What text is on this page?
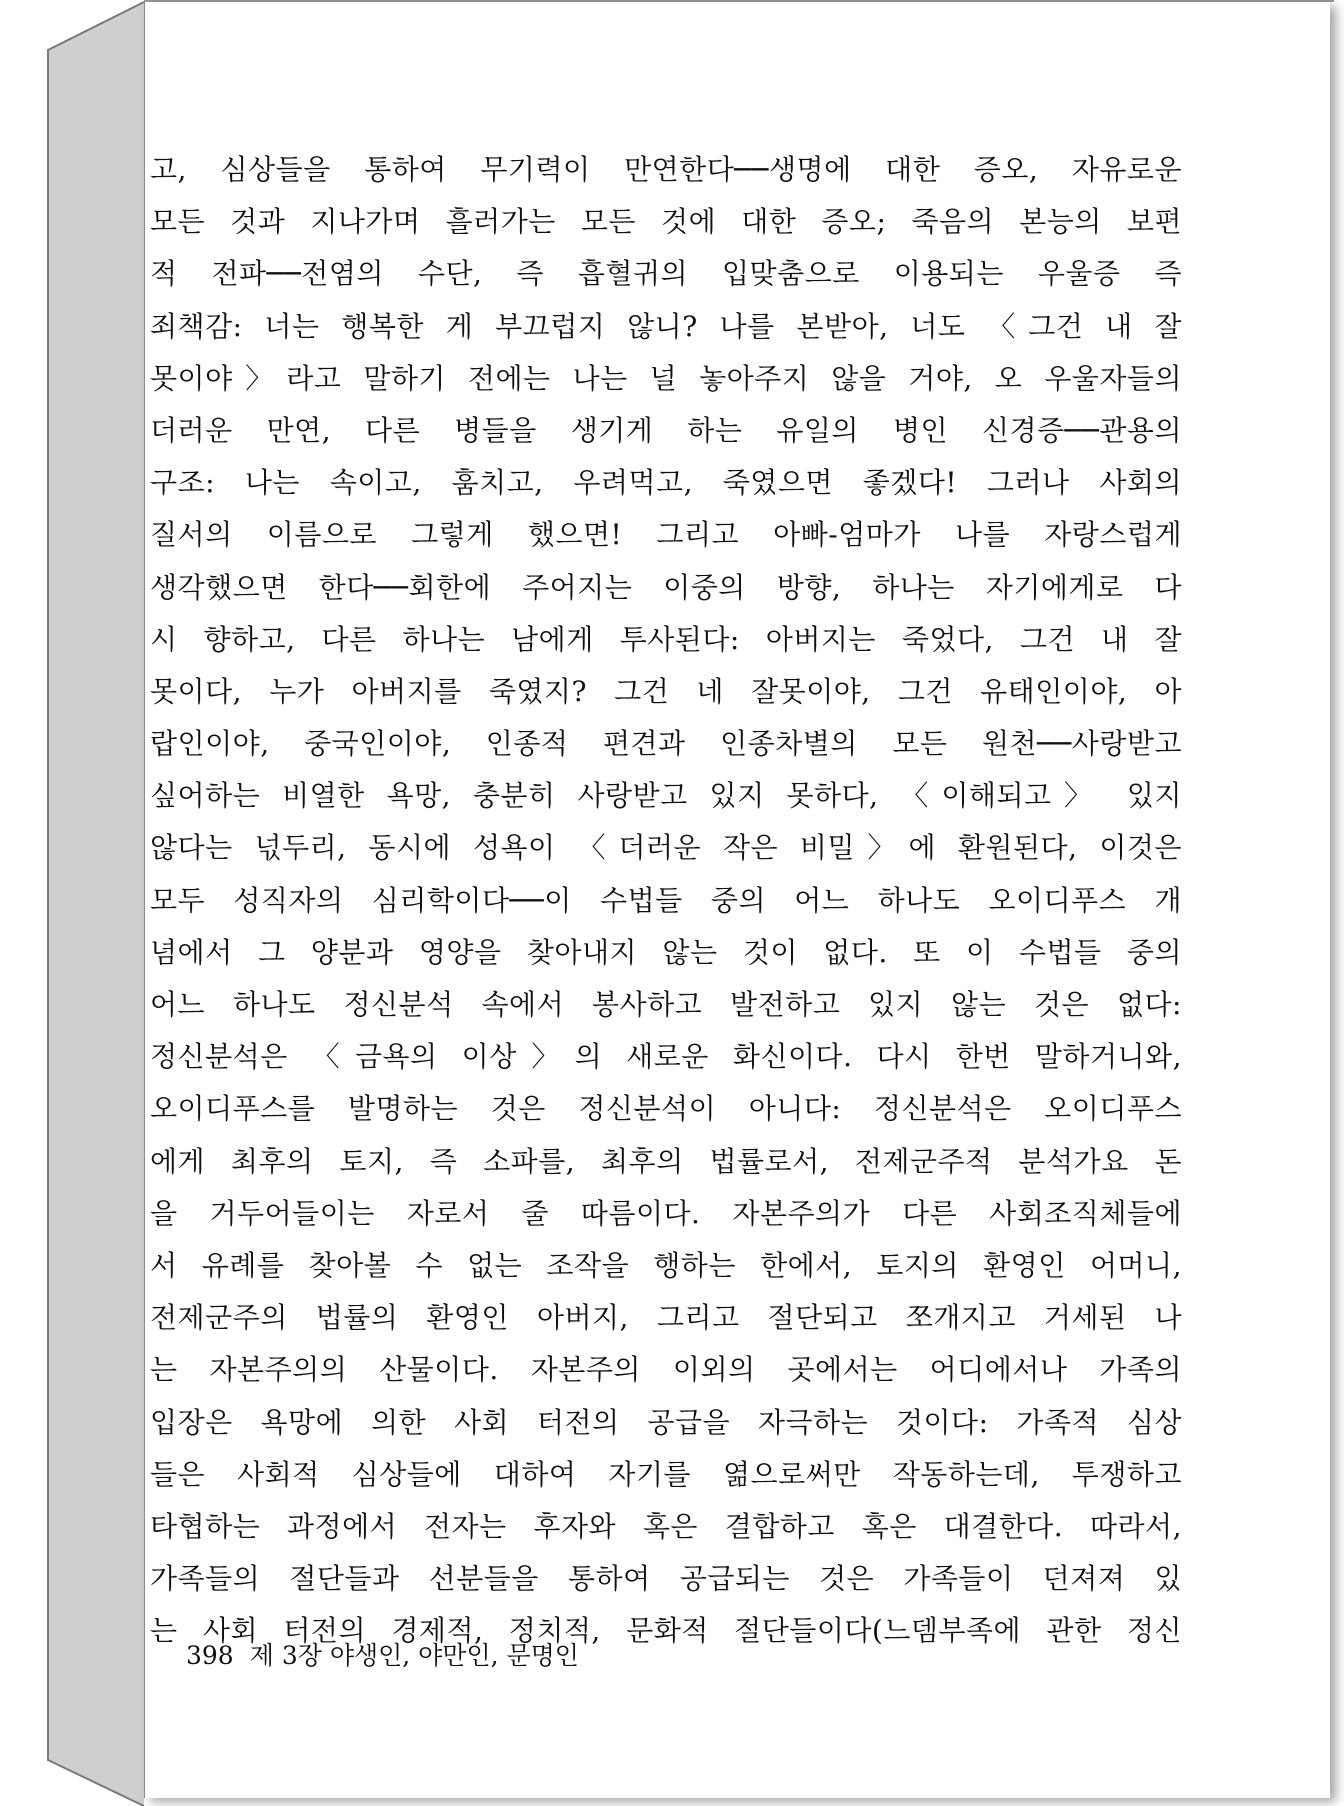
고, 심상들을 통하여 무기력이 만연한다──생명에 대한 증오, 자유로운
모든 것과 지나가며 흘러가는 모든 것에 대한 증오; 죽음의 본능의 보편
적 전파──전염의 수단, 즉 흡혈귀의 입맞춤으로 이용되는 우울증 즉
죄책감: 너는 행복한 게 부끄럽지 않니? 나를 본받아, 너도 〈그건 내 잘
못이야〉라고 말하기 전에는 나는 널 놓아주지 않을 거야, 오 우울자들의
더러운 만연, 다른 병들을 생기게 하는 유일의 병인 신경증──관용의
구조: 나는 속이고, 훔치고, 우려먹고, 죽였으면 좋겠다! 그러나 사회의
질서의 이름으로 그렇게 했으면! 그리고 아빠-엄마가 나를 자랑스럽게
생각했으면 한다──회한에 주어지는 이중의 방향, 하나는 자기에게로 다
시 향하고, 다른 하나는 남에게 투사된다: 아버지는 죽었다, 그건 내 잘
못이다, 누가 아버지를 죽였지? 그건 네 잘못이야, 그건 유태인이야, 아
랍인이야, 중국인이야, 인종적 편견과 인종차별의 모든 원천──사랑받고
싶어하는 비열한 욕망, 충분히 사랑받고 있지 못하다, 〈이해되고〉 있지
않다는 넋두리, 동시에 성욕이 〈더러운 작은 비밀〉에 환원된다, 이것은
모두 성직자의 심리학이다──이 수법들 중의 어느 하나도 오이디푸스 개
념에서 그 양분과 영양을 찾아내지 않는 것이 없다. 또 이 수법들 중의
어느 하나도 정신분석 속에서 봉사하고 발전하고 있지 않는 것은 없다:
정신분석은 〈금욕의 이상〉의 새로운 화신이다. 다시 한번 말하거니와,
오이디푸스를 발명하는 것은 정신분석이 아니다: 정신분석은 오이디푸스
에게 최후의 토지, 즉 소파를, 최후의 법률로서, 전제군주적 분석가요 돈
을 거두어들이는 자로서 줄 따름이다. 자본주의가 다른 사회조직체들에
서 유례를 찾아볼 수 없는 조작을 행하는 한에서, 토지의 환영인 어머니,
전제군주의 법률의 환영인 아버지, 그리고 절단되고 쪼개지고 거세된 나
는 자본주의의 산물이다. 자본주의 이외의 곳에서는 어디에서나 가족의
입장은 욕망에 의한 사회 터전의 공급을 자극하는 것이다: 가족적 심상
들은 사회적 심상들에 대하여 자기를 엶으로써만 작동하는데, 투쟁하고
타협하는 과정에서 전자는 후자와 혹은 결합하고 혹은 대결한다. 따라서,
가족들의 절단들과 선분들을 통하여 공급되는 것은 가족들이 던져져 있
는 사회 터전의 경제적, 정치적, 문화적 절단들이다(느뎀부족에 관한 정신
398 제 3장 야생인, 야만인, 문명인
